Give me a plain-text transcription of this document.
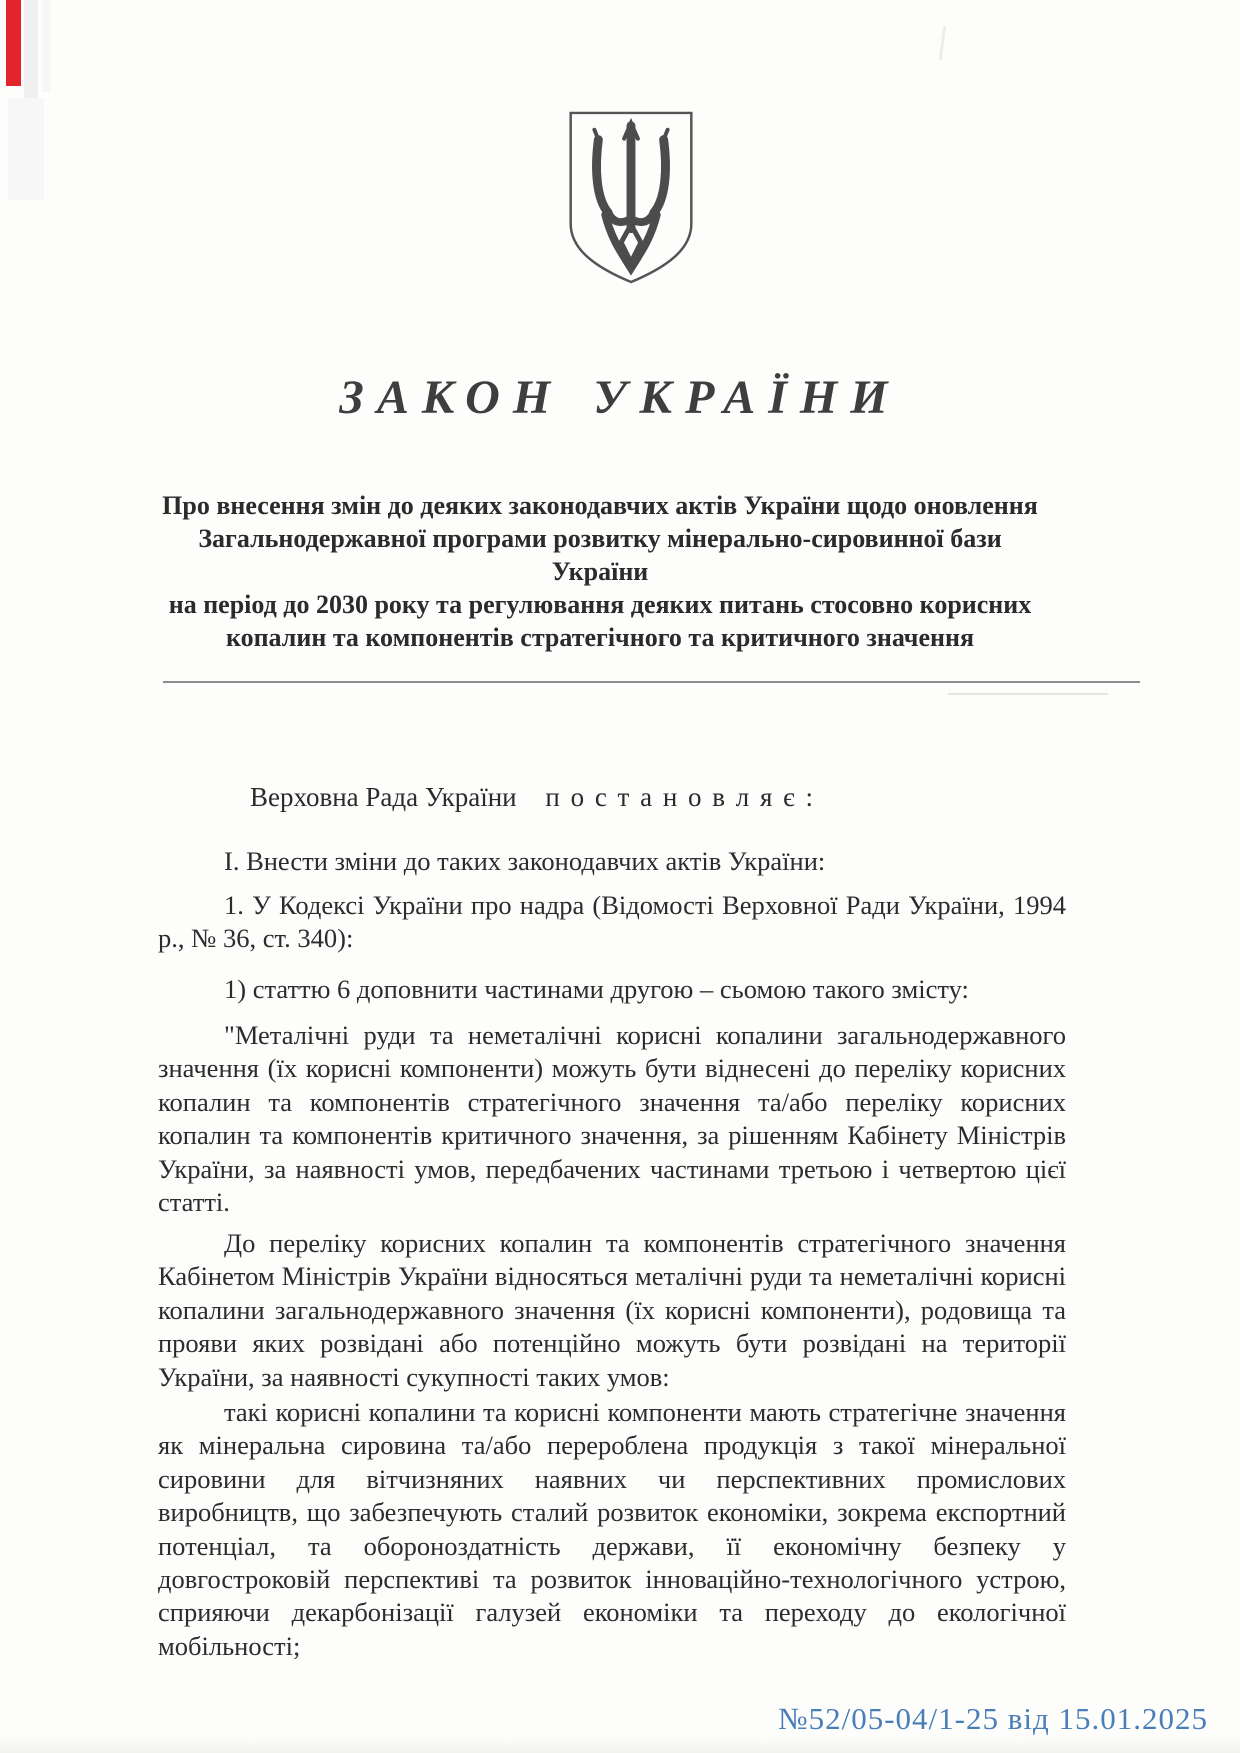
ЗАКОН УКРАЇНИ
Про внесення змін до деяких законодавчих актів України щодо оновлення
Загальнодержавної програми розвитку мінерально-сировинної бази України
на період до 2030 року та регулювання деяких питань стосовно корисних
копалин та компонентів стратегічного та критичного значення
Верховна Рада України п о с т а н о в л я є :
I. Внести зміни до таких законодавчих актів України:
1. У Кодексі України про надра (Відомості Верховної Ради України, 1994 р., № 36, ст. 340):
1) статтю 6 доповнити частинами другою – сьомою такого змісту:
"Металічні руди та неметалічні корисні копалини загальнодержавного значення (їх корисні компоненти) можуть бути віднесені до переліку корисних копалин та компонентів стратегічного значення та/або переліку корисних копалин та компонентів критичного значення, за рішенням Кабінету Міністрів України, за наявності умов, передбачених частинами третьою і четвертою цієї статті.
До переліку корисних копалин та компонентів стратегічного значення Кабінетом Міністрів України відносяться металічні руди та неметалічні корисні копалини загальнодержавного значення (їх корисні компоненти), родовища та прояви яких розвідані або потенційно можуть бути розвідані на території України, за наявності сукупності таких умов:
такі корисні копалини та корисні компоненти мають стратегічне значення як мінеральна сировина та/або перероблена продукція з такої мінеральної сировини для вітчизняних наявних чи перспективних промислових виробництв, що забезпечують сталий розвиток економіки, зокрема експортний потенціал, та обороноздатність держави, її економічну безпеку у довгостроковій перспективі та розвиток інноваційно-технологічного устрою, сприяючи декарбонізації галузей економіки та переходу до екологічної мобільності;
№52/05-04/1-25 від 15.01.2025
